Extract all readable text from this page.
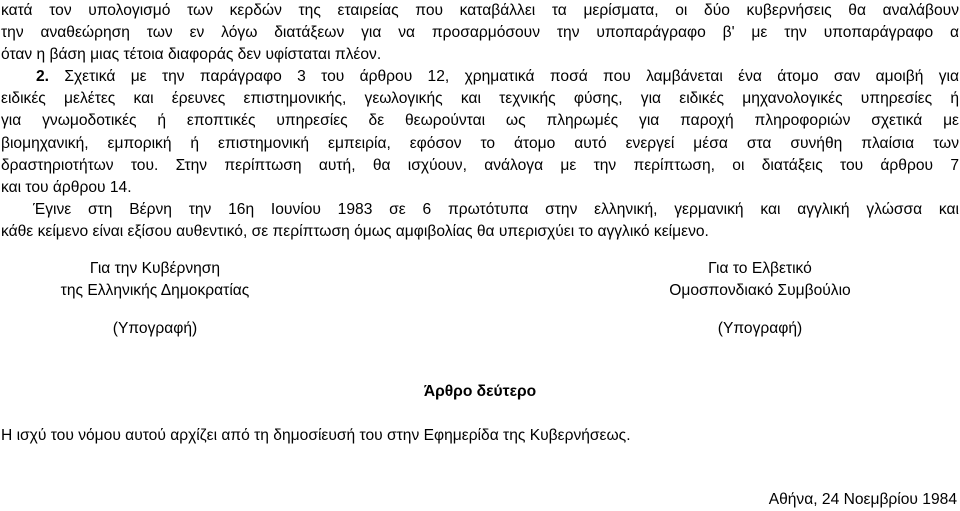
κατά τον υπολογισμό των κερδών της εταιρείας που καταβάλλει τα μερίσματα, οι δύο κυβερνήσεις θα αναλάβουν

την αναθεώρηση των εν λόγω διατάξεων για να προσαρμόσουν την υποπαράγραφο β' με την υποπαράγραφο α

όταν η βάση μιας τέτοια διαφοράς δεν υφίσταται πλέον.

2. Σχετικά με την παράγραφο 3 του άρθρου 12, χρηματικά ποσά που λαμβάνεται ένα άτομο σαν αμοιβή για

ειδικές μελέτες και έρευνες επιστημονικής, γεωλογικής και τεχνικής φύσης, για ειδικές μηχανολογικές υπηρεσίες ή

για γνωμοδοτικές ή εποπτικές υπηρεσίες δε θεωρούνται ως πληρωμές για παροχή πληροφοριών σχετικά με

βιομηχανική, εμπορική ή επιστημονική εμπειρία, εφόσον το άτομο αυτό ενεργεί μέσα στα συνήθη πλαίσια των

δραστηριοτήτων του. Στην περίπτωση αυτή, θα ισχύουν, ανάλογα με την περίπτωση, οι διατάξεις του άρθρου 7

και του άρθρου 14.

Έγινε στη Βέρνη την 16η Ιουνίου 1983 σε 6 πρωτότυπα στην ελληνική, γερμανική και αγγλική γλώσσα και

κάθε κείμενο είναι εξίσου αυθεντικό, σε περίπτωση όμως αμφιβολίας θα υπερισχύει το αγγλικό κείμενο.

Για την Κυβέρνηση
της Ελληνικής Δημοκρατίας
Για το Ελβετικό
Ομοσπονδιακό Συμβούλιο
(Υπογραφή)	(Υπογραφή)
Άρθρο δεύτερο
Η ισχύ του νόμου αυτού αρχίζει από τη δημοσίευσή του στην Εφημερίδα της Κυβερνήσεως.
Αθήνα, 24 Νοεμβρίου 1984
